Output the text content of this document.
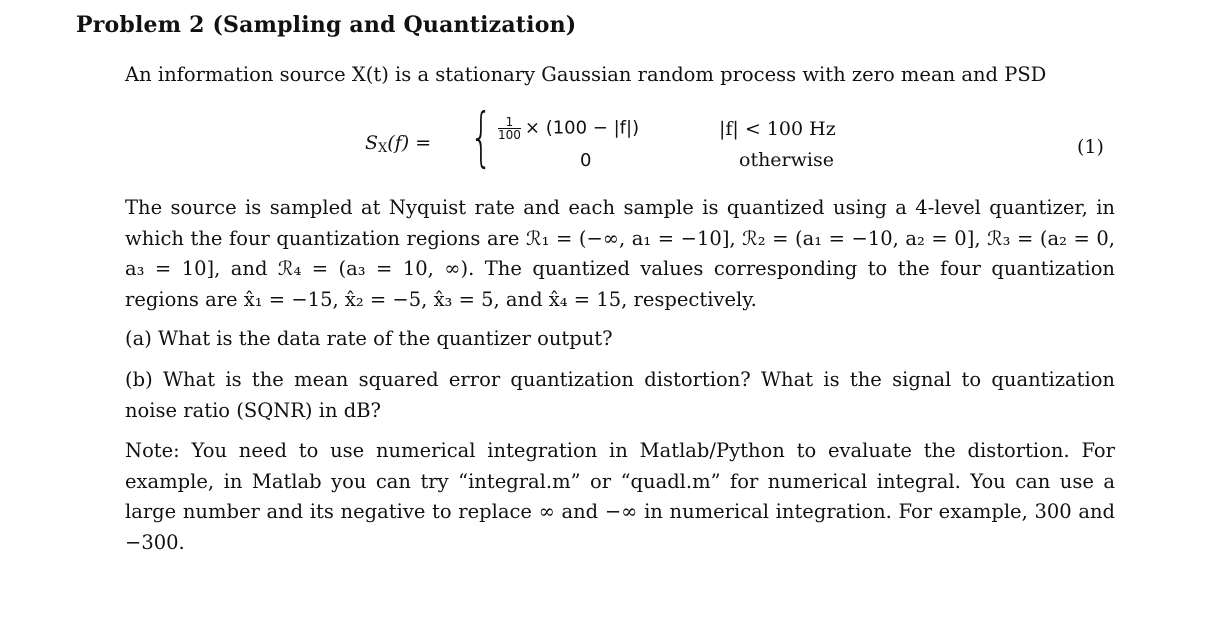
Problem 2 (Sampling and Quantization)
An information source X(t) is a stationary Gaussian random process with zero mean and PSD
$S_X(f)$ = { $\frac{1}{100} \times (100 - |f|)$
0
|f| < 100 Hz
otherwise
(1)
The source is sampled at Nyquist rate and each sample is quantized using a 4-level quantizer, in which the four quantization regions are ℛ₁ = (−∞, a₁ = −10], ℛ₂ = (a₁ = −10, a₂ = 0], ℛ₃ = (a₂ = 0, a₃ = 10], and ℛ₄ = (a₃ = 10, ∞). The quantized values corresponding to the four quantization regions are x̂₁ = −15, x̂₂ = −5, x̂₃ = 5, and x̂₄ = 15, respectively.
(a) What is the data rate of the quantizer output?
(b) What is the mean squared error quantization distortion? What is the signal to quantization noise ratio (SQNR) in dB?
Note: You need to use numerical integration in Matlab/Python to evaluate the distortion. For example, in Matlab you can try “integral.m” or “quadl.m” for numerical integral. You can use a large number and its negative to replace ∞ and −∞ in numerical integration. For example, 300 and −300.
